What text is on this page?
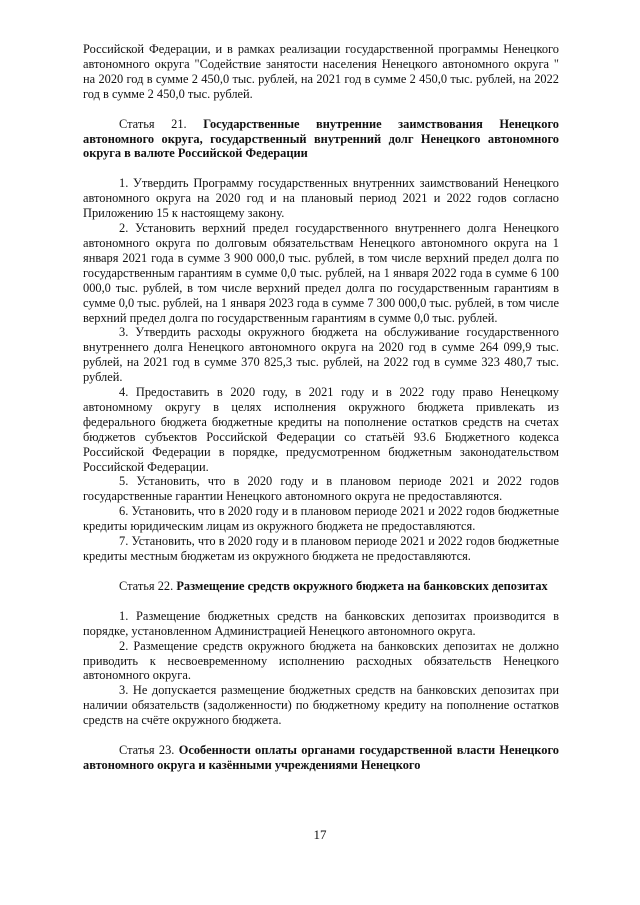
Российской Федерации, и в рамках реализации государственной программы Ненецкого автономного округа "Содействие занятости населения Ненецкого автономного округа " на 2020 год в сумме 2 450,0 тыс. рублей, на 2021 год в сумме 2 450,0 тыс. рублей, на 2022 год в сумме 2 450,0 тыс. рублей.

Статья 21. Государственные внутренние заимствования Ненецкого автономного округа, государственный внутренний долг Ненецкого автономного округа в валюте Российской Федерации

1. Утвердить Программу государственных внутренних заимствований Ненецкого автономного округа на 2020 год и на плановый период 2021 и 2022 годов согласно Приложению 15 к настоящему закону.

2. Установить верхний предел государственного внутреннего долга Ненецкого автономного округа по долговым обязательствам Ненецкого автономного округа на 1 января 2021 года в сумме 3 900 000,0 тыс. рублей, в том числе верхний предел долга по государственным гарантиям в сумме 0,0 тыс. рублей, на 1 января 2022 года в сумме 6 100 000,0 тыс. рублей, в том числе верхний предел долга по государственным гарантиям в сумме 0,0 тыс. рублей, на 1 января 2023 года в сумме 7 300 000,0 тыс. рублей, в том числе верхний предел долга по государственным гарантиям в сумме 0,0 тыс. рублей.

3. Утвердить расходы окружного бюджета на обслуживание государственного внутреннего долга Ненецкого автономного округа на 2020 год в сумме 264 099,9 тыс. рублей, на 2021 год в сумме 370 825,3 тыс. рублей, на 2022 год в сумме 323 480,7 тыс. рублей.

4. Предоставить в 2020 году, в 2021 году и в 2022 году право Ненецкому автономному округу в целях исполнения окружного бюджета привлекать из федерального бюджета бюджетные кредиты на пополнение остатков средств на счетах бюджетов субъектов Российской Федерации со статьёй 93.6 Бюджетного кодекса Российской Федерации в порядке, предусмотренном бюджетным законодательством Российской Федерации.

5. Установить, что в 2020 году и в плановом периоде 2021 и 2022 годов государственные гарантии Ненецкого автономного округа не предоставляются.

6. Установить, что в 2020 году и в плановом периоде 2021 и 2022 годов бюджетные кредиты юридическим лицам из окружного бюджета не предоставляются.

7. Установить, что в 2020 году и в плановом периоде 2021 и 2022 годов бюджетные кредиты местным бюджетам из окружного бюджета не предоставляются.

Статья 22. Размещение средств окружного бюджета на банковских депозитах

1. Размещение бюджетных средств на банковских депозитах производится в порядке, установленном Администрацией Ненецкого автономного округа.

2. Размещение средств окружного бюджета на банковских депозитах не должно приводить к несвоевременному исполнению расходных обязательств Ненецкого автономного округа.

3. Не допускается размещение бюджетных средств на банковских депозитах при наличии обязательств (задолженности) по бюджетному кредиту на пополнение остатков средств на счёте окружного бюджета.

Статья 23. Особенности оплаты органами государственной власти Ненецкого автономного округа и казёнными учреждениями Ненецкого

17
